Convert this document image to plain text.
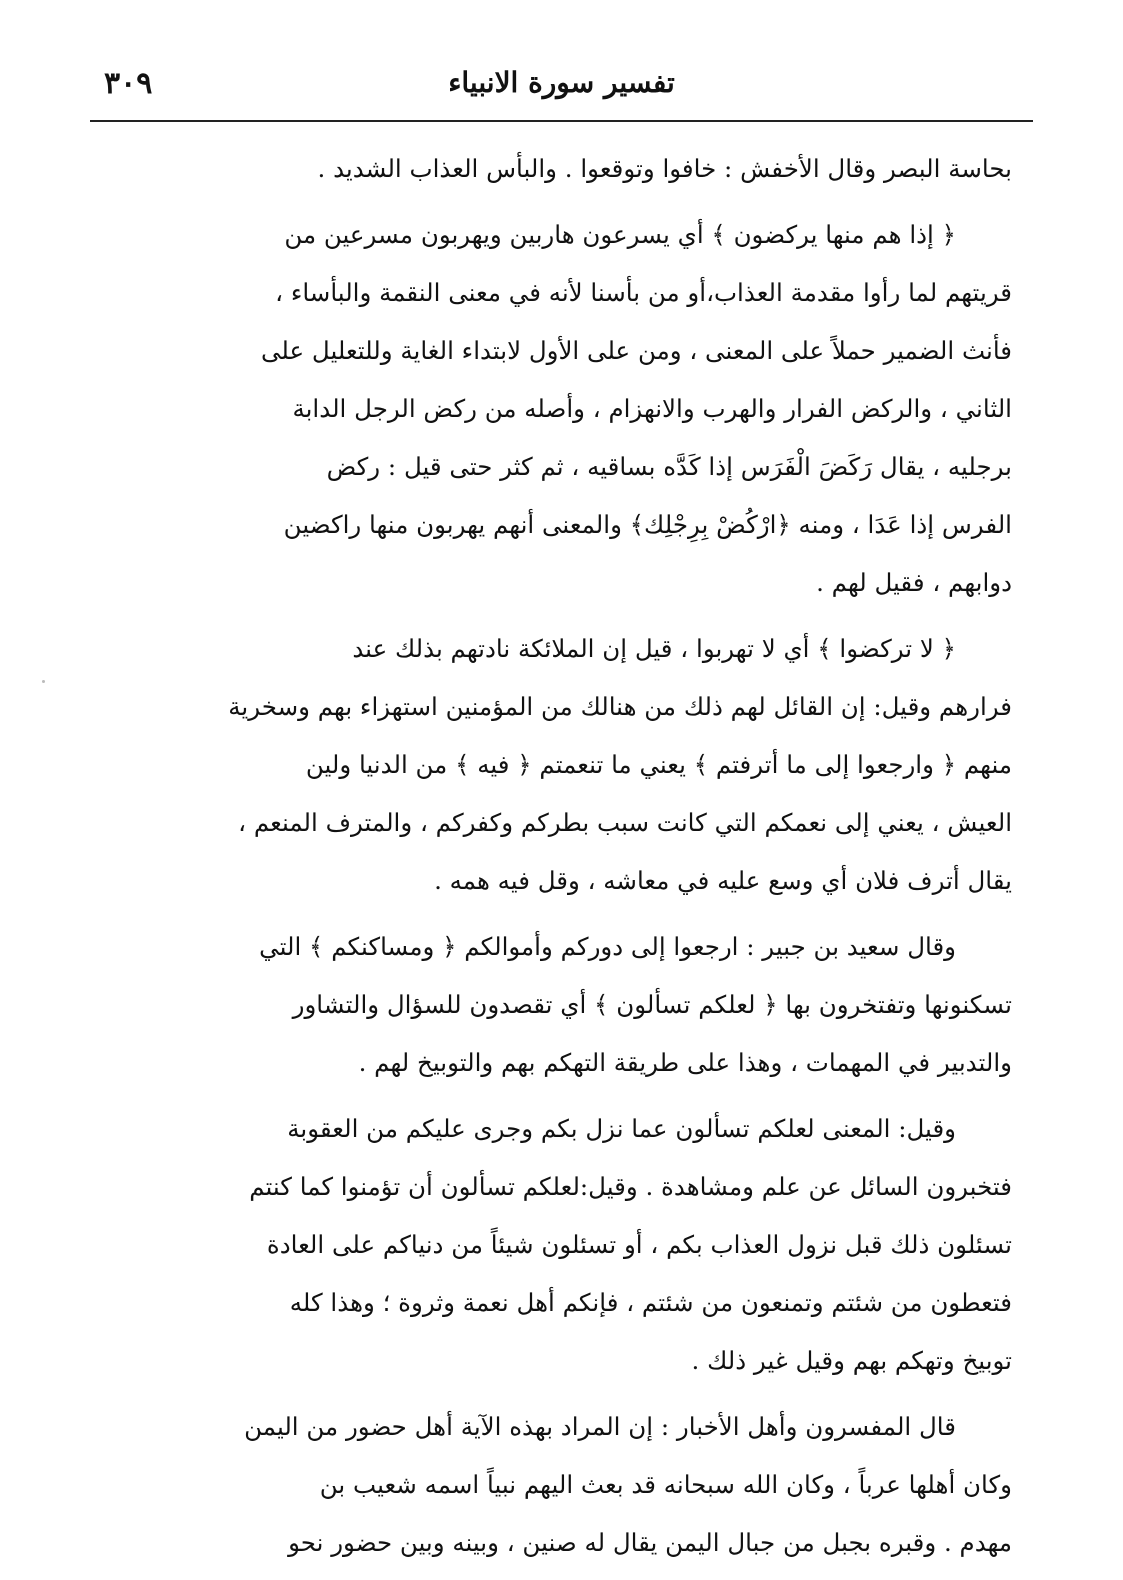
٣٠٩	تفسير سورة الانبياء
بحاسة البصر وقال الأخفش : خافوا وتوقعوا . والبأس العذاب الشديد .
﴿ إذا هم منها يركضون ﴾ أي يسرعون هاربين ويهربون مسرعين من
قريتهم لما رأوا مقدمة العذاب،أو من بأسنا لأنه في معنى النقمة والبأساء ،
فأنث الضمير حملاً على المعنى ، ومن على الأول لابتداء الغاية وللتعليل على
الثاني ، والركض الفرار والهرب والانهزام ، وأصله من ركض الرجل الدابة
برجليه ، يقال رَكَضَ الْفَرَس إذا كَدَّه بساقيه ، ثم كثر حتى قيل : ركض
الفرس إذا عَدَا ، ومنه ﴿ارْكُضْ بِرِجْلِك﴾ والمعنى أنهم يهربون منها راكضين
دوابهم ، فقيل لهم .
﴿ لا تركضوا ﴾ أي لا تهربوا ، قيل إن الملائكة نادتهم بذلك عند
فرارهم وقيل: إن القائل لهم ذلك من هنالك من المؤمنين استهزاء بهم وسخرية
منهم ﴿ وارجعوا إلى ما أترفتم ﴾ يعني ما تنعمتم ﴿ فيه ﴾ من الدنيا ولين
العيش ، يعني إلى نعمكم التي كانت سبب بطركم وكفركم ، والمترف المنعم ،
يقال أترف فلان أي وسع عليه في معاشه ، وقل فيه همه .
وقال سعيد بن جبير : ارجعوا إلى دوركم وأموالكم ﴿ ومساكنكم ﴾ التي
تسكنونها وتفتخرون بها ﴿ لعلكم تسألون ﴾ أي تقصدون للسؤال والتشاور
والتدبير في المهمات ، وهذا على طريقة التهكم بهم والتوبيخ لهم .
وقيل: المعنى لعلكم تسألون عما نزل بكم وجرى عليكم من العقوبة
فتخبرون السائل عن علم ومشاهدة . وقيل:لعلكم تسألون أن تؤمنوا كما كنتم
تسئلون ذلك قبل نزول العذاب بكم ، أو تسئلون شيئاً من دنياكم على العادة
فتعطون من شئتم وتمنعون من شئتم ، فإنكم أهل نعمة وثروة ؛ وهذا كله
توبيخ وتهكم بهم وقيل غير ذلك .
قال المفسرون وأهل الأخبار : إن المراد بهذه الآية أهل حضور من اليمن
وكان أهلها عرباً ، وكان الله سبحانه قد بعث اليهم نبياً اسمه شعيب بن
مهدم . وقبره بجبل من جبال اليمن يقال له صنين ، وبينه وبين حضور نحو
